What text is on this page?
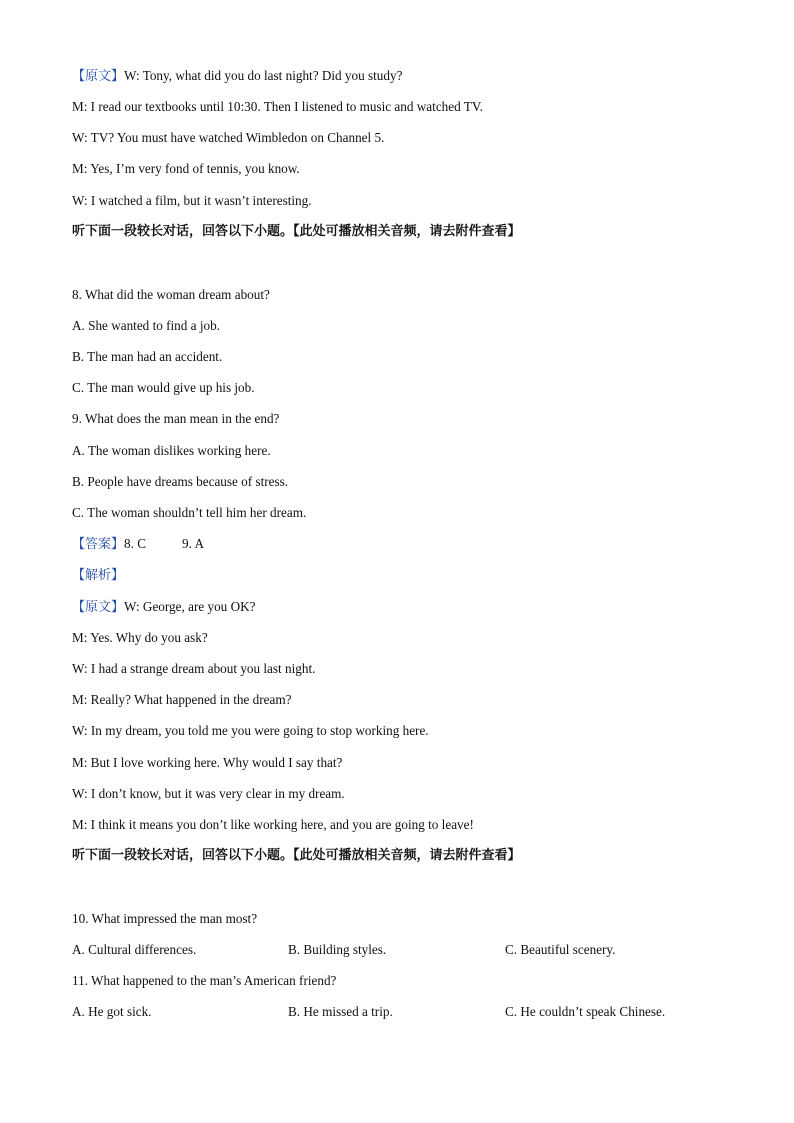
【原文】W: Tony, what did you do last night? Did you study?
M: I read our textbooks until 10:30. Then I listened to music and watched TV.
W: TV? You must have watched Wimbledon on Channel 5.
M: Yes, I’m very fond of tennis, you know.
W: I watched a film, but it wasn’t interesting.
听下面一段较长对话，回答以下小题。【此处可播放相关音频，请去附件查看】
8. What did the woman dream about?
A. She wanted to find a job.
B. The man had an accident.
C. The man would give up his job.
9. What does the man mean in the end?
A. The woman dislikes working here.
B. People have dreams because of stress.
C. The woman shouldn’t tell him her dream.
【答案】8. C	9. A
【解析】
【原文】W: George, are you OK?
M: Yes. Why do you ask?
W: I had a strange dream about you last night.
M: Really? What happened in the dream?
W: In my dream, you told me you were going to stop working here.
M: But I love working here. Why would I say that?
W: I don’t know, but it was very clear in my dream.
M: I think it means you don’t like working here, and you are going to leave!
听下面一段较长对话，回答以下小题。【此处可播放相关音频，请去附件查看】
10. What impressed the man most?
A. Cultural differences.	B. Building styles.	C. Beautiful scenery.
11. What happened to the man’s American friend?
A. He got sick.	B. He missed a trip.	C. He couldn’t speak Chinese.
